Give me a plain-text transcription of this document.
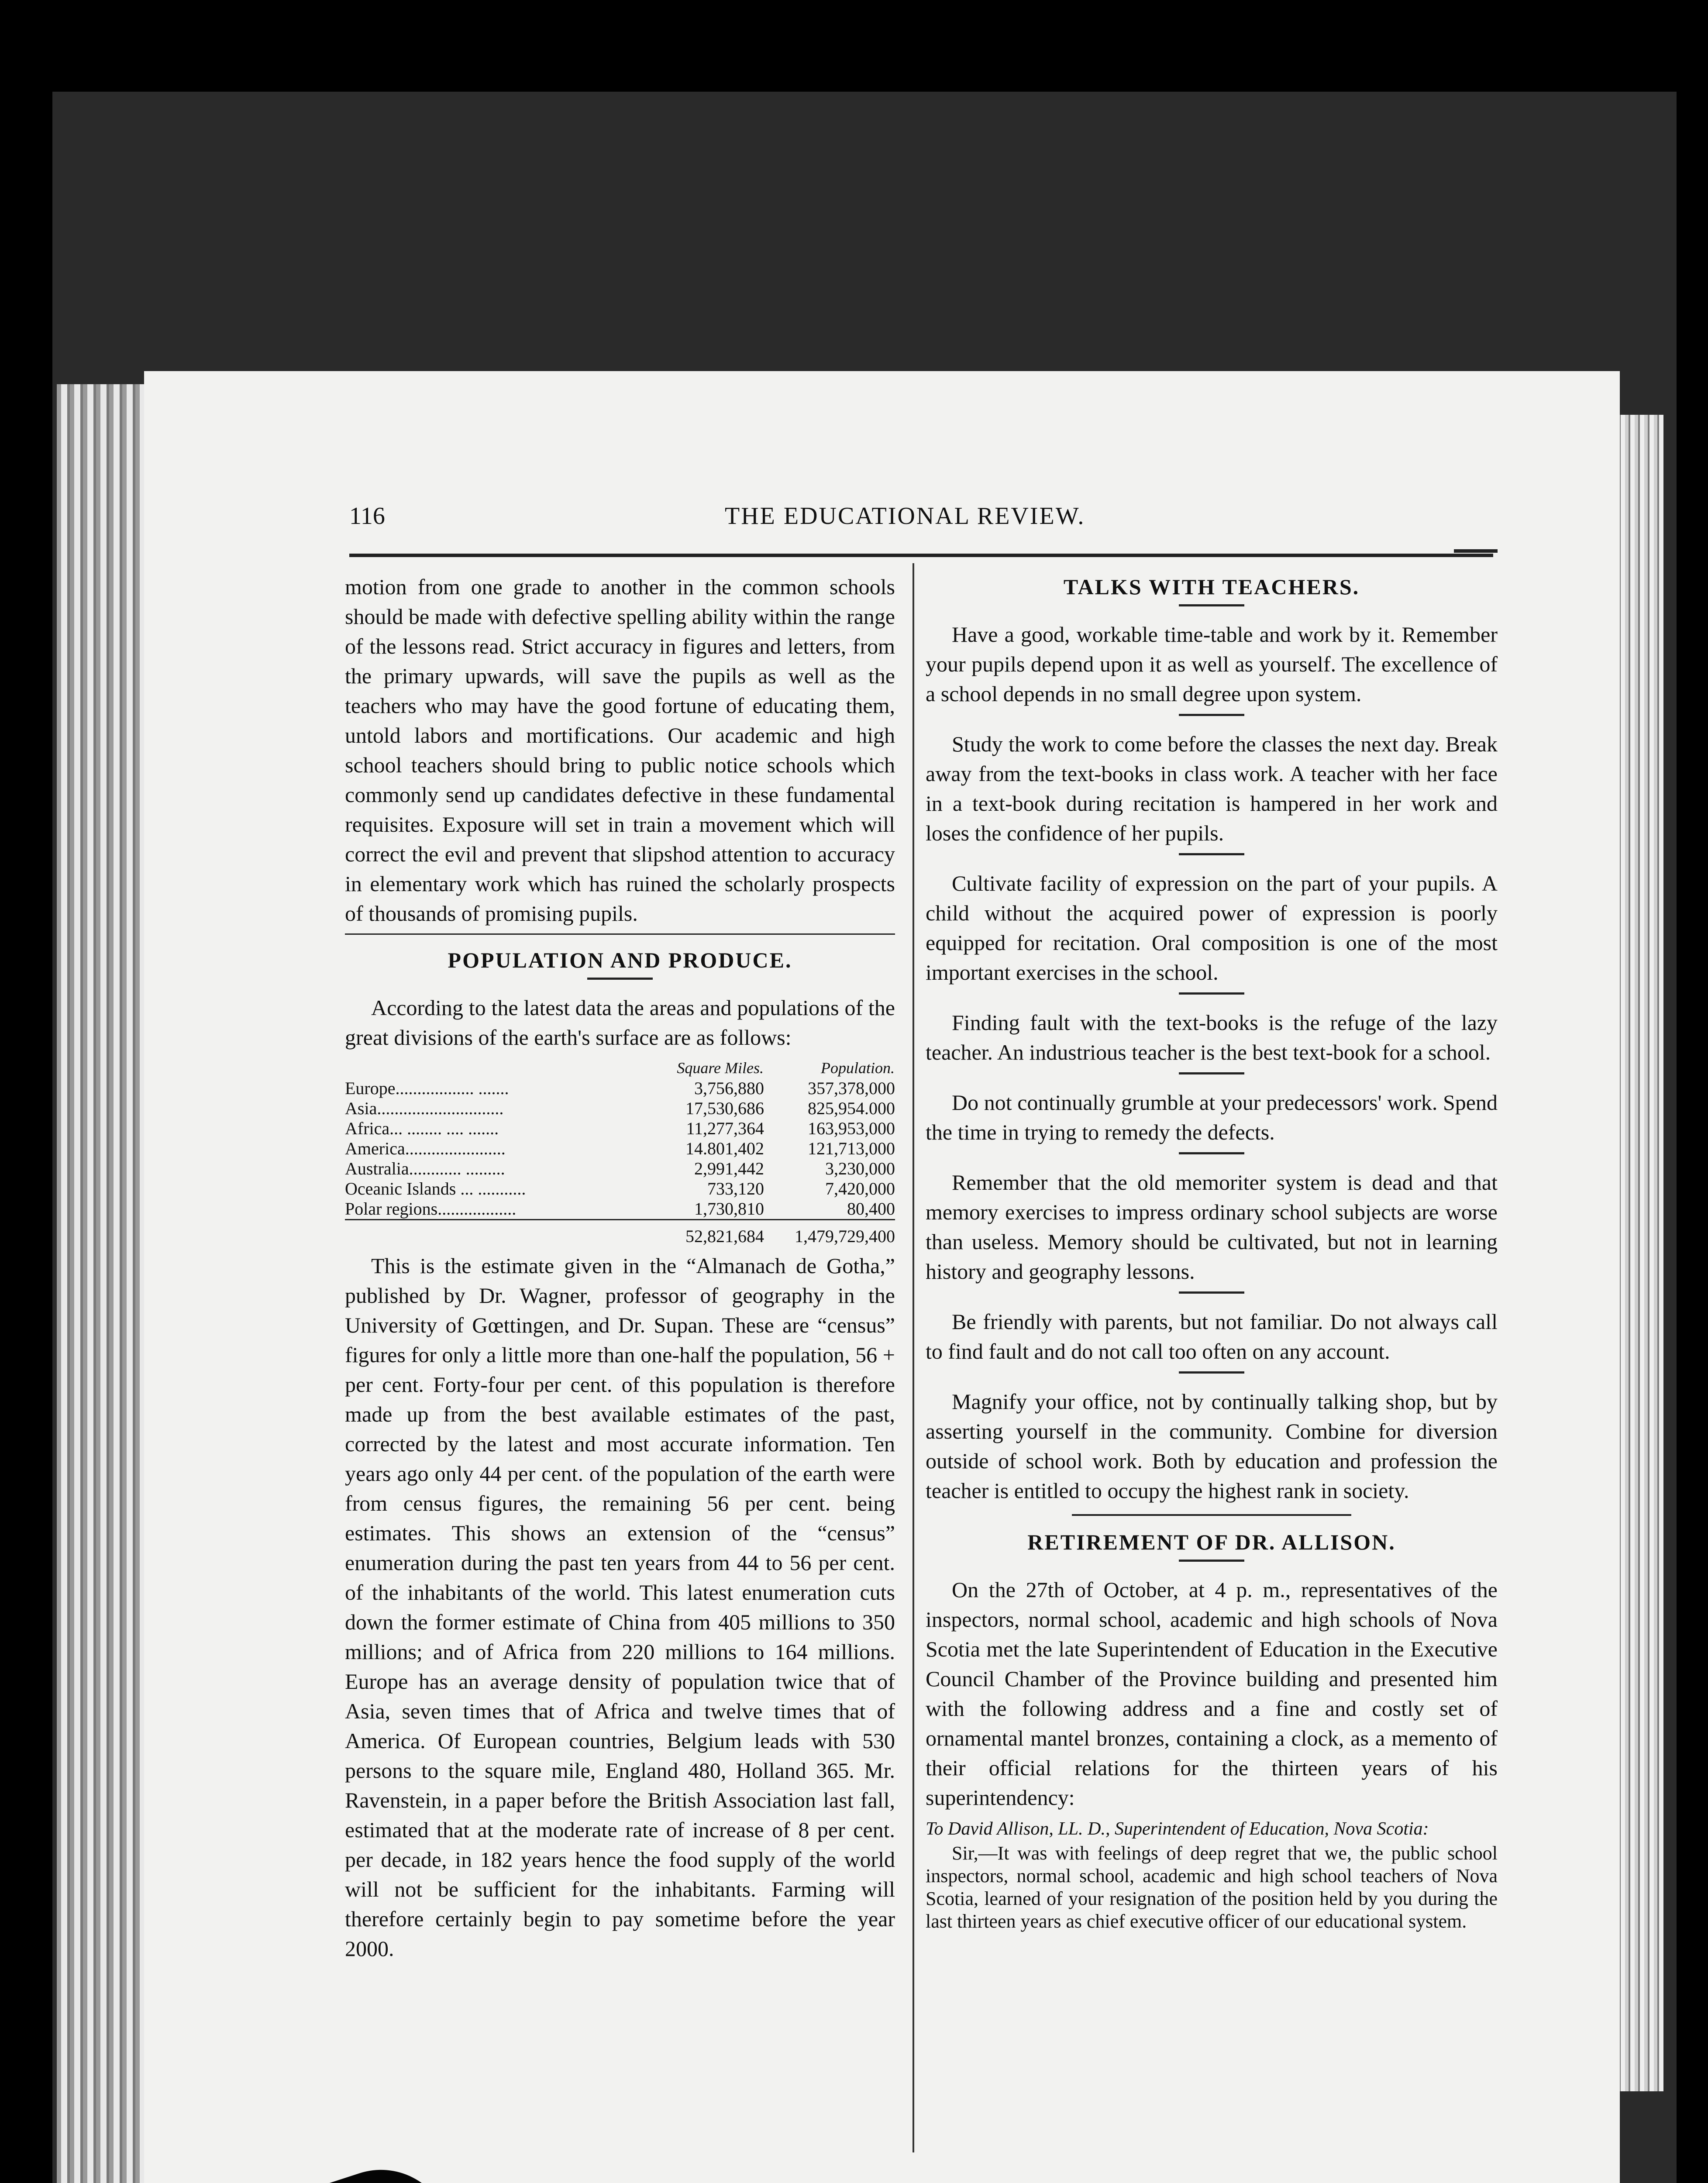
116	THE EDUCATIONAL REVIEW.

motion from one grade to another in the common schools should be made with defective spelling ability within the range of the lessons read. Strict accuracy in figures and letters, from the primary upwards, will save the pupils as well as the teachers who may have the good fortune of educating them, untold labors and mortifications. Our academic and high school teachers should bring to public notice schools which commonly send up candidates defective in these fundamental requisites. Exposure will set in train a movement which will correct the evil and prevent that slipshod attention to accuracy in elementary work which has ruined the scholarly prospects of thousands of promising pupils.

POPULATION AND PRODUCE.

According to the latest data the areas and populations of the great divisions of the earth's surface are as follows:

	Square Miles.	Population.
Europe.................. .......	3,756,880	357,378,000
Asia.............................	17,530,686	825,954.000
Africa... ........ .... .......	11,277,364	163,953,000
America.......................	14.801,402	121,713,000
Australia............ .........	2,991,442	3,230,000
Oceanic Islands ... ...........	733,120	7,420,000
Polar regions..................	1,730,810	80,400
	52,821,684	1,479,729,400

This is the estimate given in the “Almanach de Gotha,” published by Dr. Wagner, professor of geography in the University of Gœttingen, and Dr. Supan. These are “census” figures for only a little more than one-half the population, 56 + per cent. Forty-four per cent. of this population is therefore made up from the best available estimates of the past, corrected by the latest and most accurate information. Ten years ago only 44 per cent. of the population of the earth were from census figures, the remaining 56 per cent. being estimates. This shows an extension of the “census” enumeration during the past ten years from 44 to 56 per cent. of the inhabitants of the world. This latest enumeration cuts down the former estimate of China from 405 millions to 350 millions; and of Africa from 220 millions to 164 millions. Europe has an average density of population twice that of Asia, seven times that of Africa and twelve times that of America. Of European countries, Belgium leads with 530 persons to the square mile, England 480, Holland 365. Mr. Ravenstein, in a paper before the British Association last fall, estimated that at the moderate rate of increase of 8 per cent. per decade, in 182 years hence the food supply of the world will not be sufficient for the inhabitants. Farming will therefore certainly begin to pay sometime before the year 2000.

TALKS WITH TEACHERS.

Have a good, workable time-table and work by it. Remember your pupils depend upon it as well as yourself. The excellence of a school depends in no small degree upon system.

Study the work to come before the classes the next day. Break away from the text-books in class work. A teacher with her face in a text-book during recitation is hampered in her work and loses the confidence of her pupils.

Cultivate facility of expression on the part of your pupils. A child without the acquired power of expression is poorly equipped for recitation. Oral composition is one of the most important exercises in the school.

Finding fault with the text-books is the refuge of the lazy teacher. An industrious teacher is the best text-book for a school.

Do not continually grumble at your predecessors' work. Spend the time in trying to remedy the defects.

Remember that the old memoriter system is dead and that memory exercises to impress ordinary school subjects are worse than useless. Memory should be cultivated, but not in learning history and geography lessons.

Be friendly with parents, but not familiar. Do not always call to find fault and do not call too often on any account.

Magnify your office, not by continually talking shop, but by asserting yourself in the community. Combine for diversion outside of school work. Both by education and profession the teacher is entitled to occupy the highest rank in society.

RETIREMENT OF DR. ALLISON.

On the 27th of October, at 4 p. m., representatives of the inspectors, normal school, academic and high schools of Nova Scotia met the late Superintendent of Education in the Executive Council Chamber of the Province building and presented him with the following address and a fine and costly set of ornamental mantel bronzes, containing a clock, as a memento of their official relations for the thirteen years of his superintendency:

To David Allison, LL. D., Superintendent of Education, Nova Scotia:

Sir,—It was with feelings of deep regret that we, the public school inspectors, normal school, academic and high school teachers of Nova Scotia, learned of your resignation of the position held by you during the last thirteen years as chief executive officer of our educational system.
